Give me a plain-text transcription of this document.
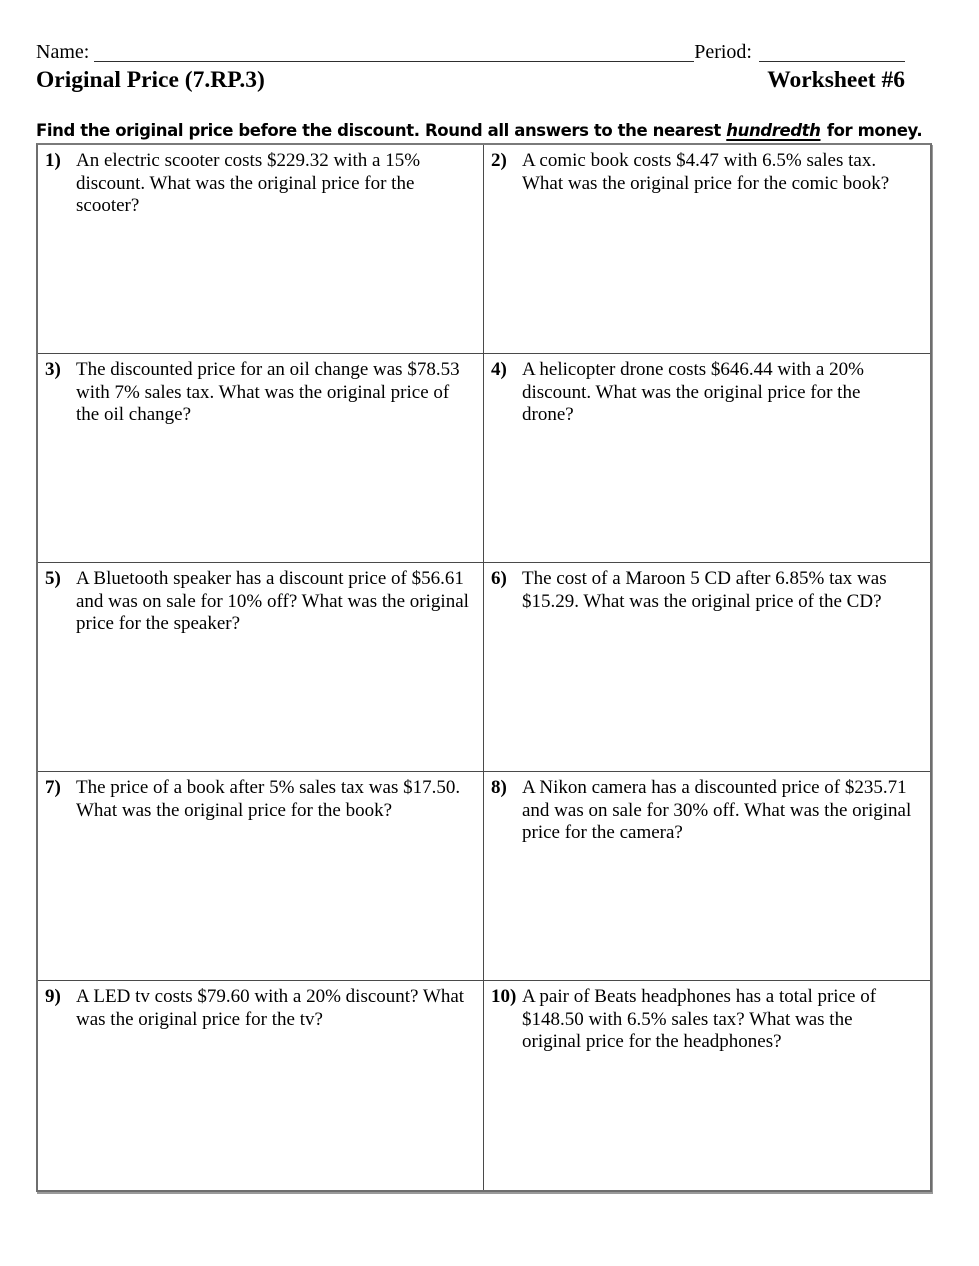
Name:	Period:
Original Price (7.RP.3)	Worksheet #6
Find the original price before the discount. Round all answers to the nearest hundredth for money.
1) An electric scooter costs $229.32 with a 15% discount. What was the original price for the scooter?
2) A comic book costs $4.47 with 6.5% sales tax. What was the original price for the comic book?
3) The discounted price for an oil change was $78.53 with 7% sales tax. What was the original price of the oil change?
4) A helicopter drone costs $646.44 with a 20% discount. What was the original price for the drone?
5) A Bluetooth speaker has a discount price of $56.61 and was on sale for 10% off? What was the original price for the speaker?
6) The cost of a Maroon 5 CD after 6.85% tax was $15.29. What was the original price of the CD?
7) The price of a book after 5% sales tax was $17.50. What was the original price for the book?
8) A Nikon camera has a discounted price of $235.71 and was on sale for 30% off. What was the original price for the camera?
9) A LED tv costs $79.60 with a 20% discount? What was the original price for the tv?
10) A pair of Beats headphones has a total price of $148.50 with 6.5% sales tax? What was the original price for the headphones?
